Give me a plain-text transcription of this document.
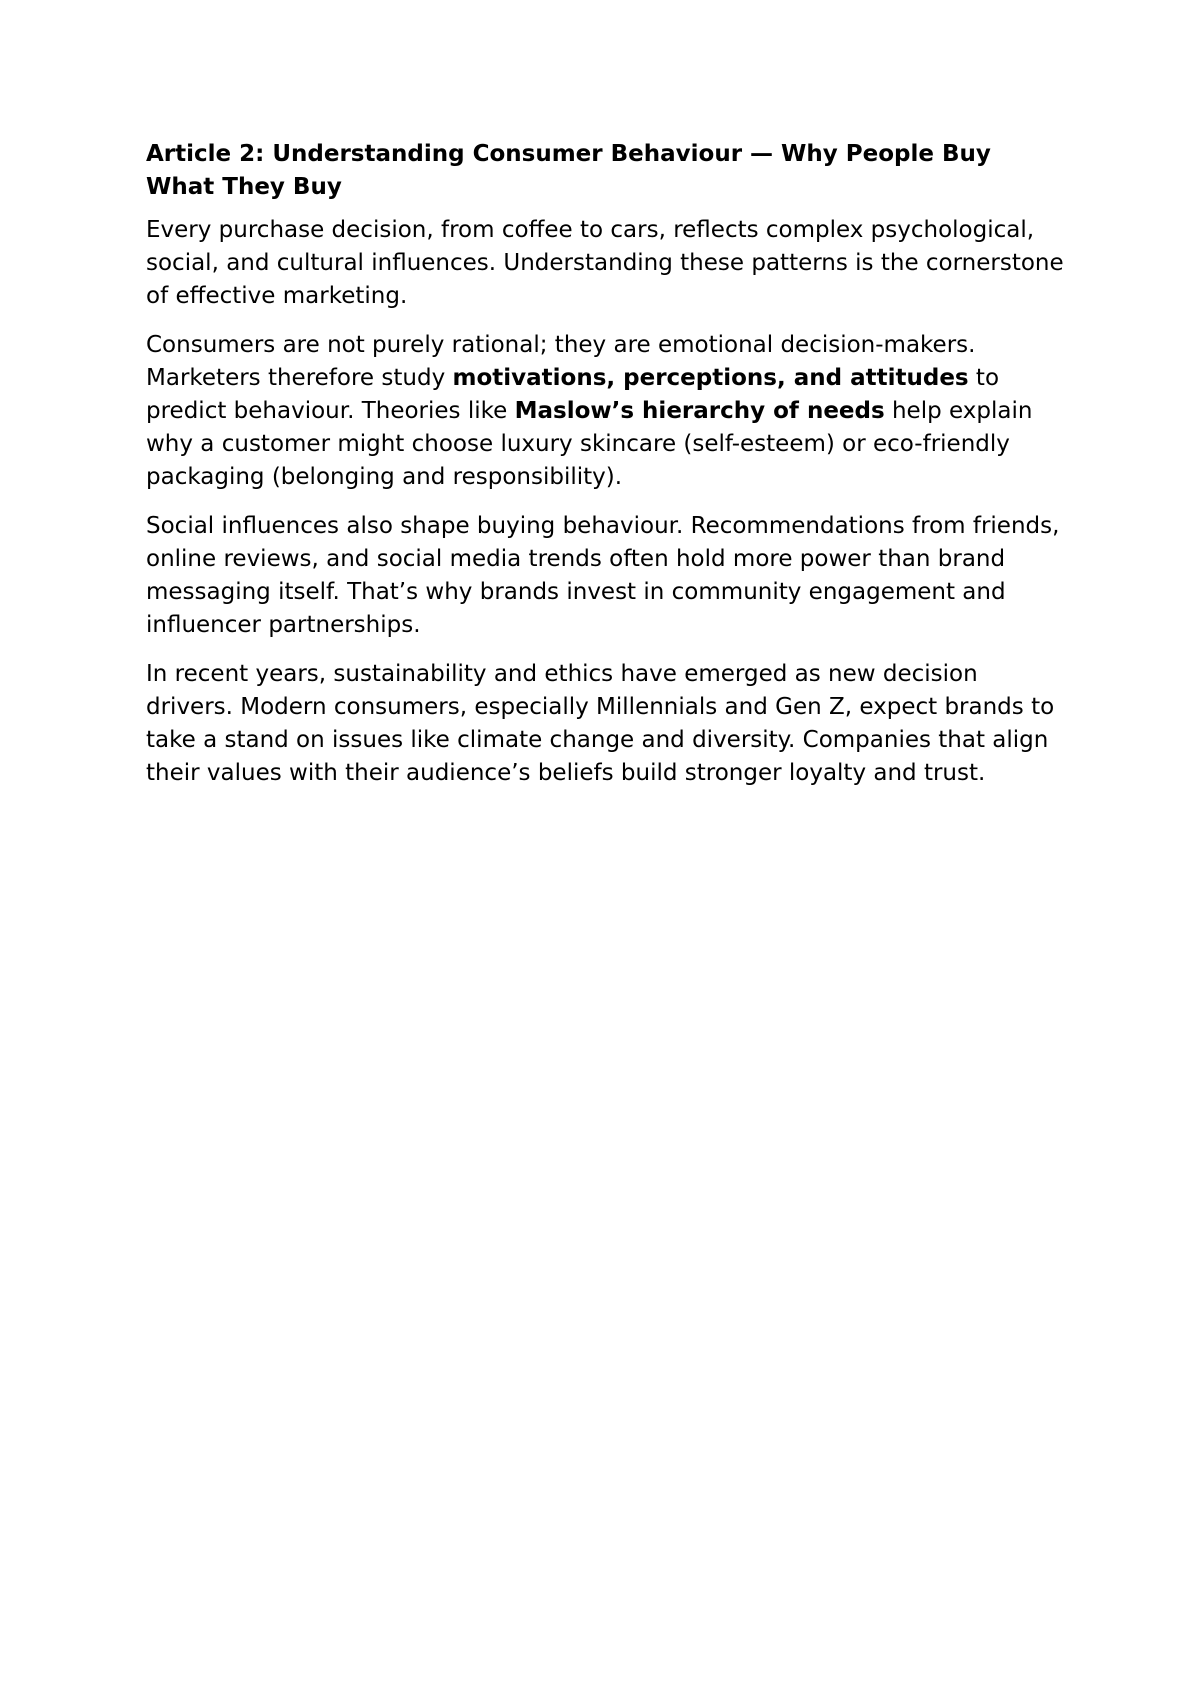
Article 2: Understanding Consumer Behaviour — Why People Buy What They Buy

Every purchase decision, from coffee to cars, reflects complex psychological, social, and cultural influences. Understanding these patterns is the cornerstone of effective marketing.

Consumers are not purely rational; they are emotional decision-makers. Marketers therefore study motivations, perceptions, and attitudes to predict behaviour. Theories like Maslow’s hierarchy of needs help explain why a customer might choose luxury skincare (self-esteem) or eco-friendly packaging (belonging and responsibility).

Social influences also shape buying behaviour. Recommendations from friends, online reviews, and social media trends often hold more power than brand messaging itself. That’s why brands invest in community engagement and influencer partnerships.

In recent years, sustainability and ethics have emerged as new decision drivers. Modern consumers, especially Millennials and Gen Z, expect brands to take a stand on issues like climate change and diversity. Companies that align their values with their audience’s beliefs build stronger loyalty and trust.
